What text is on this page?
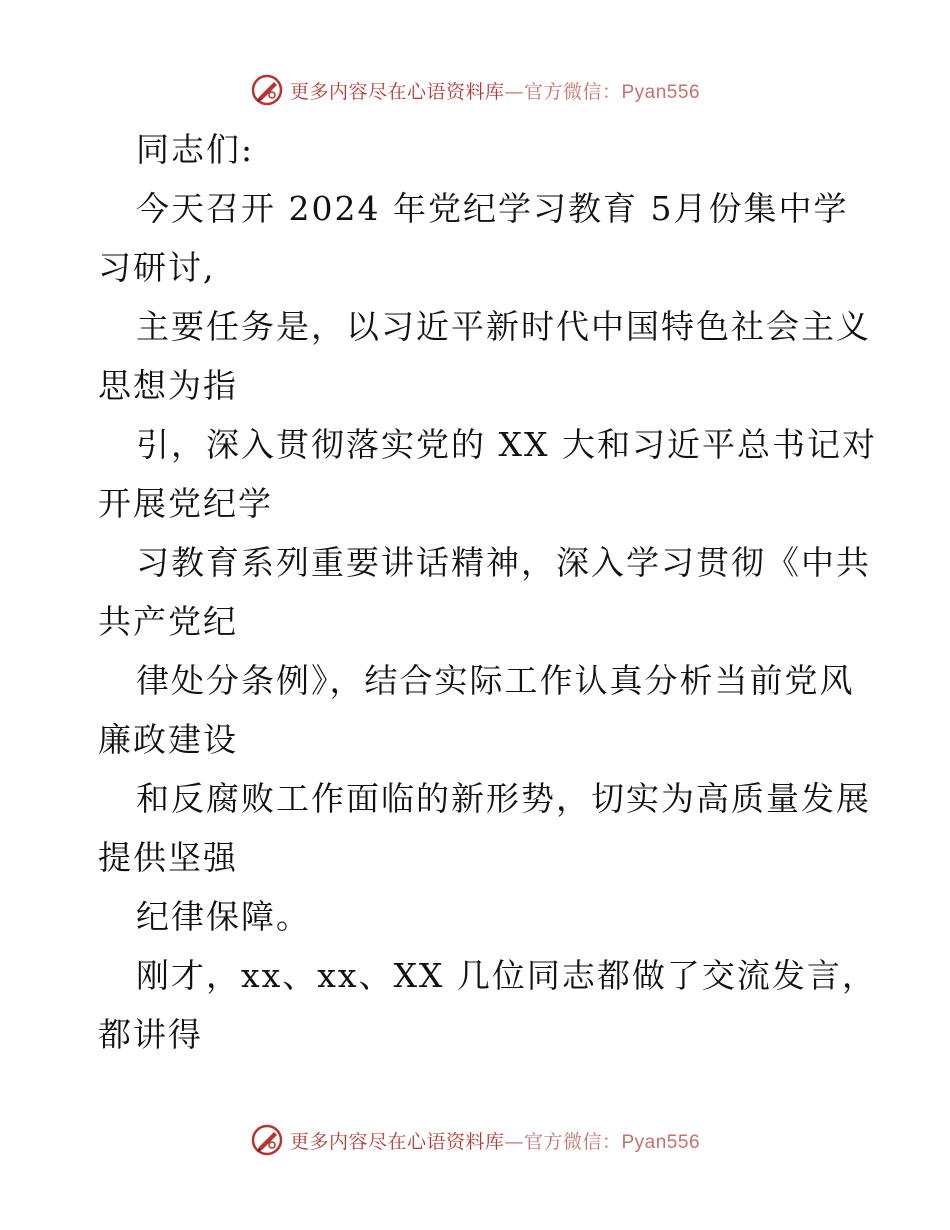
更多内容尽在心语资料库—官方微信：Pyan556
同志们:
今天召开 2024 年党纪学习教育 5月份集中学
习研讨,
主要任务是，以习近平新时代中国特色社会主义
思想为指
引，深入贯彻落实党的 XX 大和习近平总书记对
开展党纪学
习教育系列重要讲话精神，深入学习贯彻《中共
共产党纪
律处分条例》，结合实际工作认真分析当前党风
廉政建设
和反腐败工作面临的新形势，切实为高质量发展
提供坚强
纪律保障。
刚才，xx、xx、XX 几位同志都做了交流发言，
都讲得
更多内容尽在心语资料库—官方微信：Pyan556
